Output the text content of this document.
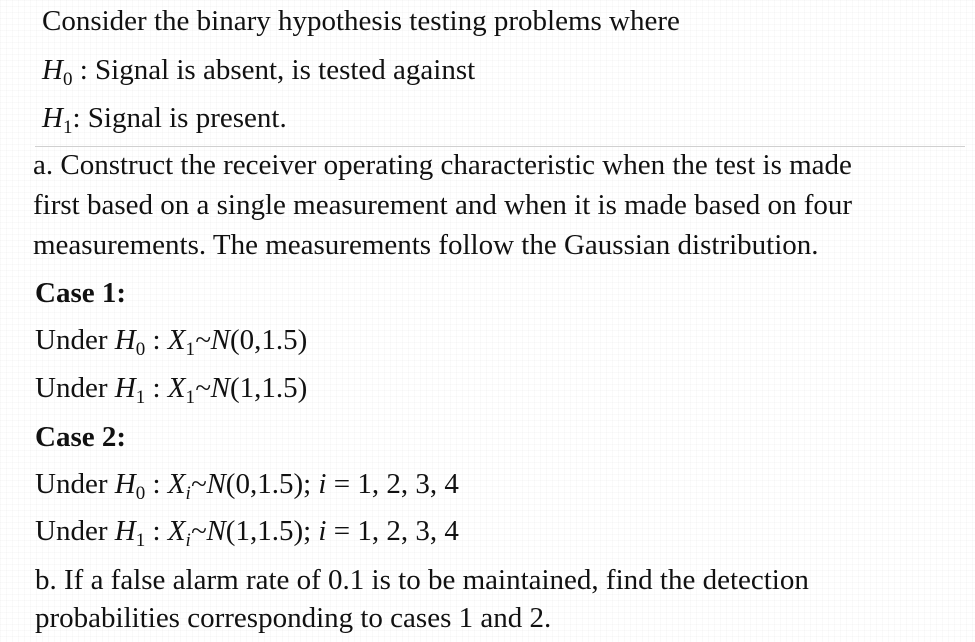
Consider the binary hypothesis testing problems where
$H_0$ : Signal is absent, is tested against
$H_1$: Signal is present.
a. Construct the receiver operating characteristic when the test is made
first based on a single measurement and when it is made based on four
measurements. The measurements follow the Gaussian distribution.
Case 1:
Under $H_0$ : $X_1\sim N(0,1.5)$
Under $H_1$ : $X_1\sim N(1,1.5)$
Case 2:
Under $H_0$ : $X_i\sim N(0,1.5)$; i = 1, 2, 3, 4
Under $H_1$ : $X_i\sim N(1,1.5)$; i = 1, 2, 3, 4
b. If a false alarm rate of 0.1 is to be maintained, find the detection
probabilities corresponding to cases 1 and 2.
